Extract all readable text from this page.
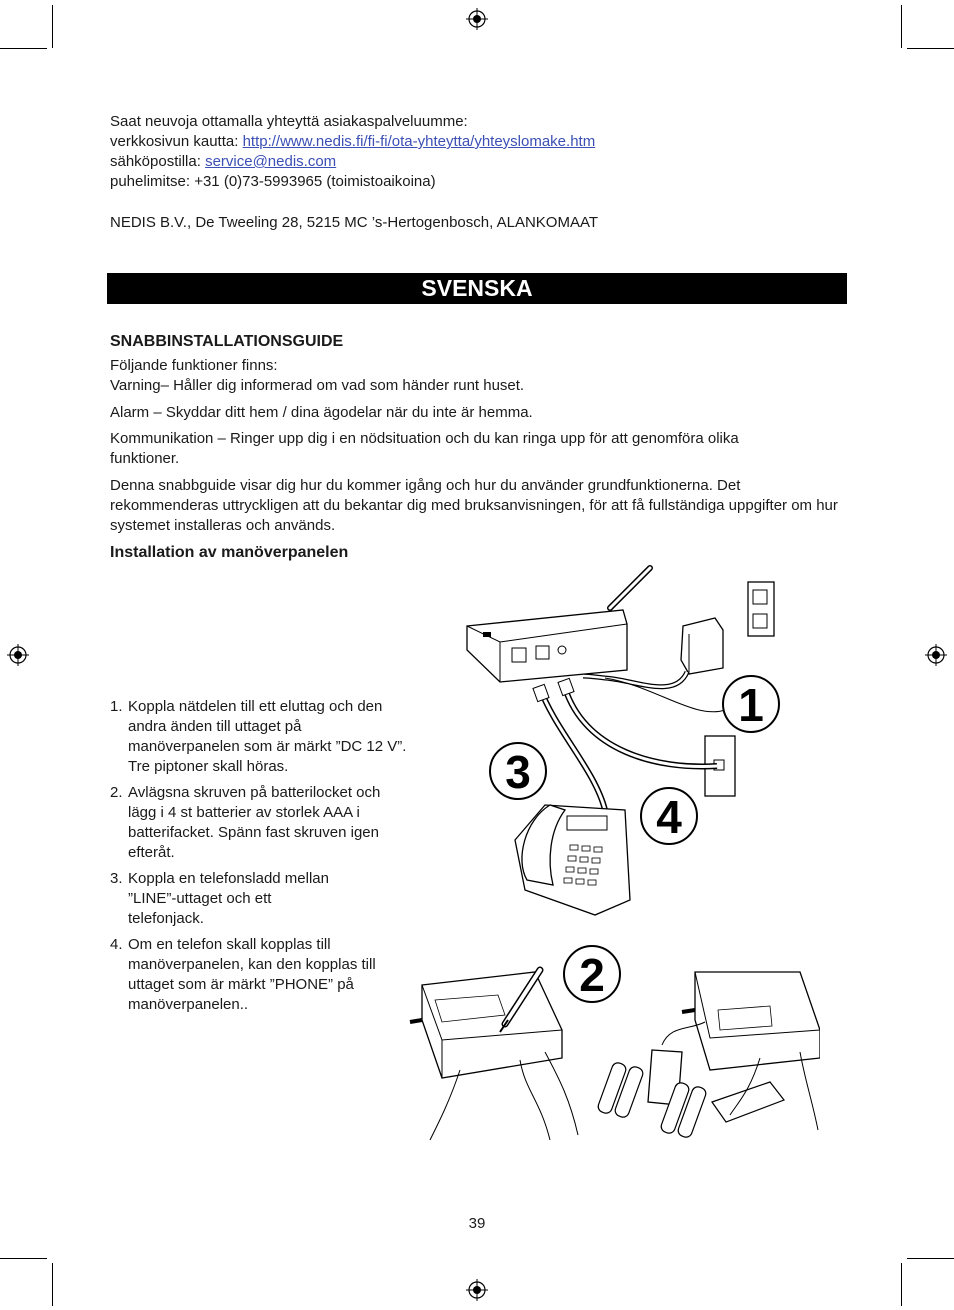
Saat neuvoja ottamalla yhteyttä asiakaspalveluumme:
verkkosivun kautta: http://www.nedis.fi/fi-fi/ota-yhteytta/yhteyslomake.htm
sähköpostilla: service@nedis.com
puhelimitse: +31 (0)73-5993965 (toimistoaikoina)
NEDIS B.V., De Tweeling 28, 5215 MC ’s-Hertogenbosch, ALANKOMAAT
SVENSKA
SNABBINSTALLATIONSGUIDE
Följande funktioner finns:
Varning– Håller dig informerad om vad som händer runt huset.
Alarm – Skyddar ditt hem / dina ägodelar när du inte är hemma.
Kommunikation – Ringer upp dig i en nödsituation och du kan ringa upp för att genomföra olika funktioner.
Denna snabbguide visar dig hur du kommer igång och hur du använder grundfunktionerna. Det rekommenderas uttryckligen att du bekantar dig med bruksanvisningen, för att få fullständiga uppgifter om hur systemet installeras och används.
Installation av manöverpanelen
1. Koppla nätdelen till ett eluttag och den andra änden till uttaget på manöverpanelen som är märkt ”DC 12 V”. Tre piptoner skall höras.
2. Avlägsna skruven på batterilocket och lägg i 4 st batterier av storlek AAA i batterifacket. Spänn fast skruven igen efteråt.
3. Koppla en telefonsladd mellan ”LINE”-uttaget och ett telefonjack.
4. Om en telefon skall kopplas till manöverpanelen, kan den kopplas till uttaget som är märkt ”PHONE” på manöverpanelen..
1
3
4
2
39
